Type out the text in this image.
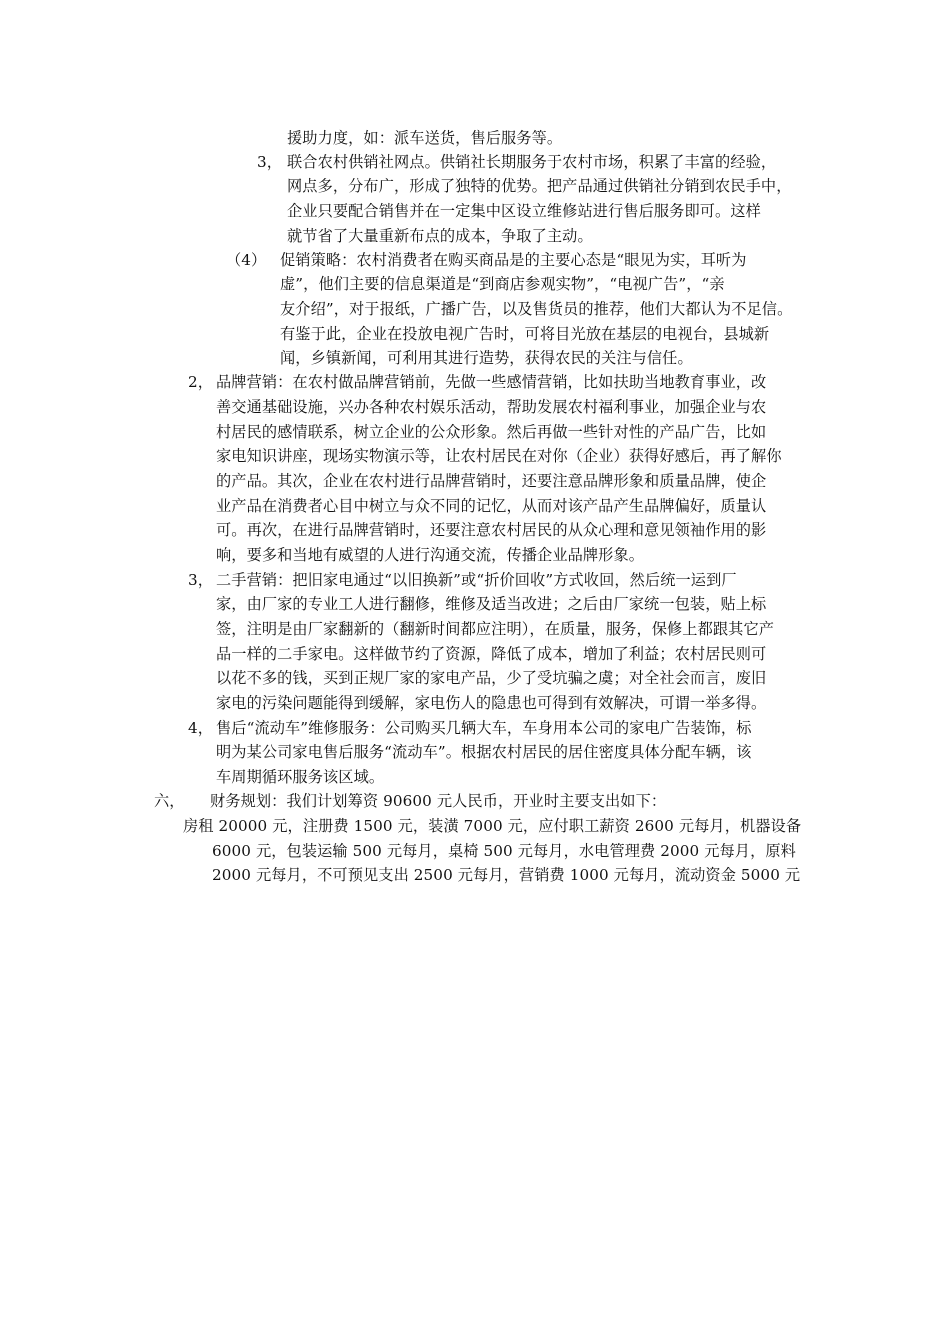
援助力度，如：派车送货，售后服务等。
3， 联合农村供销社网点。供销社长期服务于农村市场，积累了丰富的经验，
网点多，分布广，形成了独特的优势。把产品通过供销社分销到农民手中，
企业只要配合销售并在一定集中区设立维修站进行售后服务即可。这样
就节省了大量重新布点的成本，争取了主动。
（4） 促销策略：农村消费者在购买商品是的主要心态是“眼见为实，耳听为
虚”，他们主要的信息渠道是“到商店参观实物”，“电视广告”，“亲
友介绍”，对于报纸，广播广告，以及售货员的推荐，他们大都认为不足信。
有鉴于此，企业在投放电视广告时，可将目光放在基层的电视台，县城新
闻，乡镇新闻，可利用其进行造势，获得农民的关注与信任。
2， 品牌营销：在农村做品牌营销前，先做一些感情营销，比如扶助当地教育事业，改
善交通基础设施，兴办各种农村娱乐活动，帮助发展农村福利事业，加强企业与农
村居民的感情联系，树立企业的公众形象。然后再做一些针对性的产品广告，比如
家电知识讲座，现场实物演示等，让农村居民在对你（企业）获得好感后，再了解你
的产品。其次，企业在农村进行品牌营销时，还要注意品牌形象和质量品牌，使企
业产品在消费者心目中树立与众不同的记忆，从而对该产品产生品牌偏好，质量认
可。再次，在进行品牌营销时，还要注意农村居民的从众心理和意见领袖作用的影
响，要多和当地有威望的人进行沟通交流，传播企业品牌形象。
3， 二手营销：把旧家电通过“以旧换新”或“折价回收”方式收回，然后统一运到厂
家，由厂家的专业工人进行翻修，维修及适当改进；之后由厂家统一包装，贴上标
签，注明是由厂家翻新的（翻新时间都应注明），在质量，服务，保修上都跟其它产
品一样的二手家电。这样做节约了资源，降低了成本，增加了利益；农村居民则可
以花不多的钱，买到正规厂家的家电产品，少了受坑骗之虞；对全社会而言，废旧
家电的污染问题能得到缓解，家电伤人的隐患也可得到有效解决，可谓一举多得。
4， 售后“流动车”维修服务：公司购买几辆大车，车身用本公司的家电广告装饰，标
明为某公司家电售后服务“流动车”。根据农村居民的居住密度具体分配车辆，该
车周期循环服务该区域。
六， 财务规划：我们计划筹资 90600 元人民币，开业时主要支出如下：
房租 20000 元，注册费 1500 元，装潢 7000 元，应付职工薪资 2600 元每月，机器设备
6000 元，包装运输 500 元每月，桌椅 500 元每月，水电管理费 2000 元每月，原料
2000 元每月，不可预见支出 2500 元每月，营销费 1000 元每月，流动资金 5000 元
